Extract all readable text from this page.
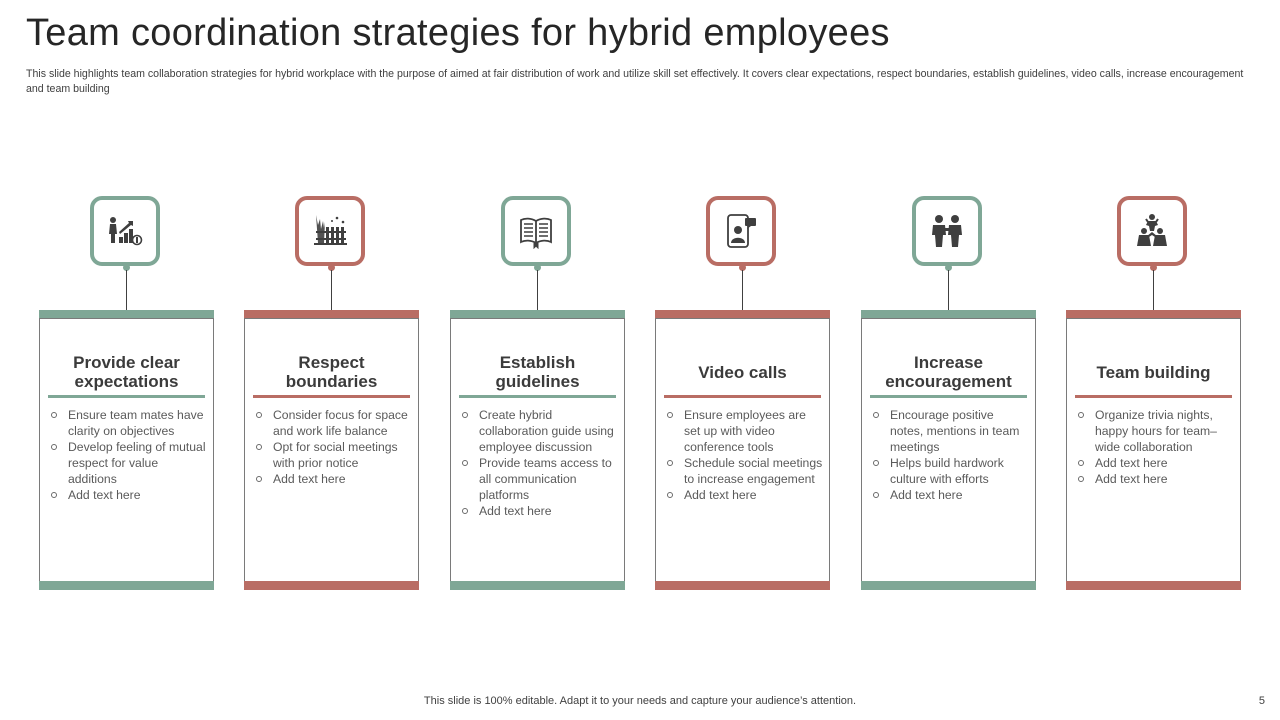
Team coordination strategies for hybrid employees

This slide highlights team collaboration strategies for hybrid workplace with the purpose of aimed at fair distribution of work and utilize skill set effectively. It covers clear expectations, respect boundaries, establish guidelines, video calls, increase encouragement and team building

Provide clear expectations
Ensure team mates have clarity on objectives
Develop feeling of mutual respect for value additions
Add text here
Respect boundaries
Consider focus for space and work life balance
Opt for social meetings with prior notice
Add text here
Establish guidelines
Create hybrid collaboration guide using employee discussion
Provide teams access to all communication platforms
Add text here
Video calls
Ensure employees are set up with video conference tools
Schedule social meetings to increase engagement
Add text here
Increase encouragement
Encourage positive notes, mentions in team meetings
Helps build hardwork culture with efforts
Add text here
Team building
Organize trivia nights, happy hours for team–wide collaboration
Add text here
Add text here
This slide is 100% editable. Adapt it to your needs and capture your audience’s attention.	5
